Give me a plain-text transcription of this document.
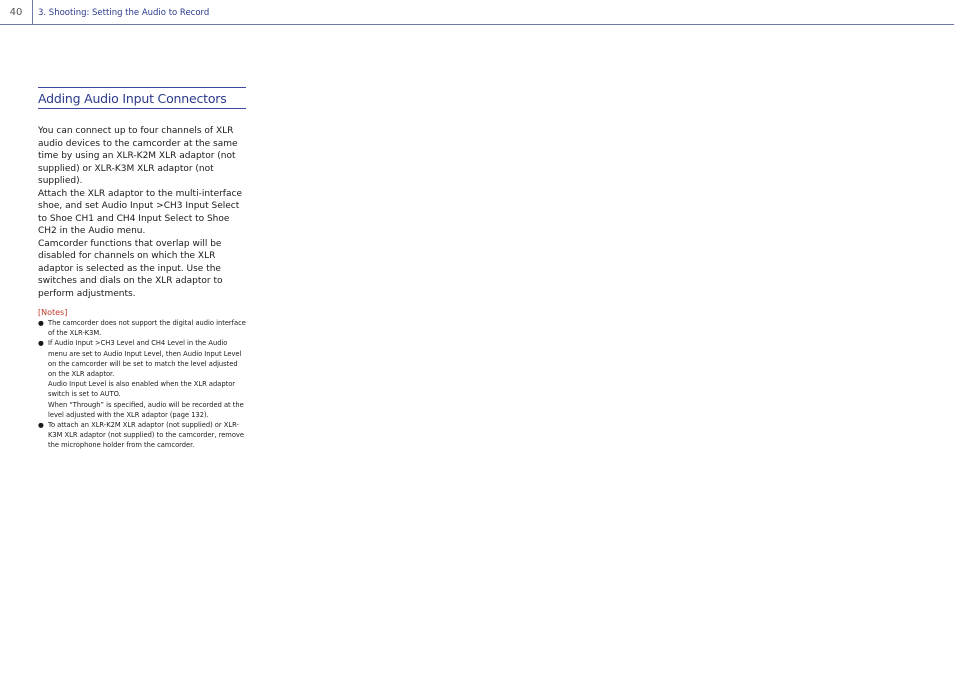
40	3. Shooting: Setting the Audio to Record
Adding Audio Input Connectors

You can connect up to four channels of XLR audio devices to the camcorder at the same time by using an XLR-K2M XLR adaptor (not supplied) or XLR-K3M XLR adaptor (not supplied).

Attach the XLR adaptor to the multi-interface shoe, and set Audio Input >CH3 Input Select to Shoe CH1 and CH4 Input Select to Shoe CH2 in the Audio menu.

Camcorder functions that overlap will be disabled for channels on which the XLR adaptor is selected as the input. Use the switches and dials on the XLR adaptor to perform adjustments.

[Notes]
● The camcorder does not support the digital audio interface of the XLR-K3M.
● If Audio Input >CH3 Level and CH4 Level in the Audio menu are set to Audio Input Level, then Audio Input Level on the camcorder will be set to match the level adjusted on the XLR adaptor.
Audio Input Level is also enabled when the XLR adaptor switch is set to AUTO.
When “Through” is specified, audio will be recorded at the level adjusted with the XLR adaptor (page 132).
● To attach an XLR-K2M XLR adaptor (not supplied) or XLR-K3M XLR adaptor (not supplied) to the camcorder, remove the microphone holder from the camcorder.
